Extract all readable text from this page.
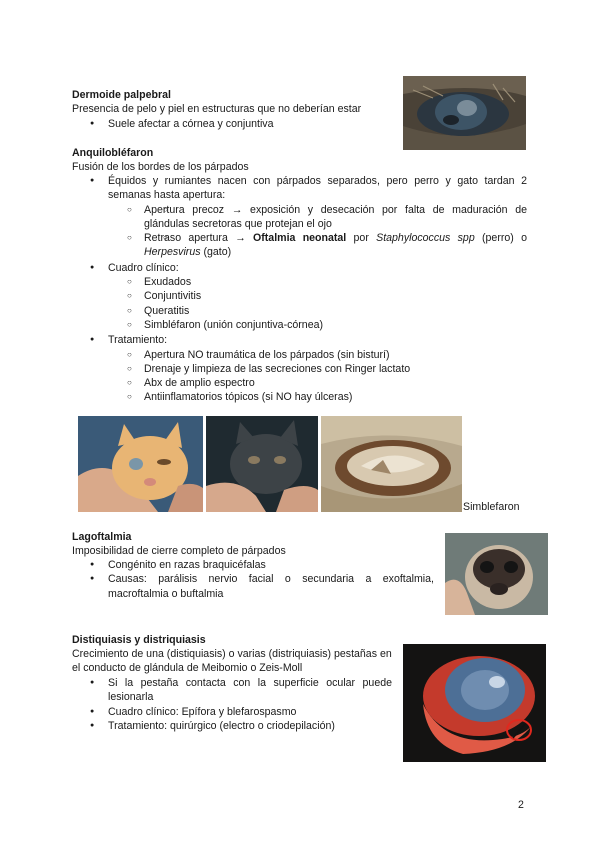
Dermoide palpebral
Presencia de pelo y piel en estructuras que no deberían estar
● Suele afectar a córnea y conjuntiva
Anquilobléfaron
Fusión de los bordes de los párpados
● Équidos y rumiantes nacen con párpados separados, pero perro y gato tardan 2 semanas hasta apertura:
○ ○ Apertura precoz → exposición y desecación por falta de maduración de glándulas secretoras que protejan el ojo
○ ○ Retraso apertura → Oftalmia neonatal por Staphylococcus spp (perro) o Herpesvirus (gato)
● Cuadro clínico:
○ Exudados
○ Conjuntivitis
○ Queratitis
○ Simbléfaron (unión conjuntiva-córnea)
● Tratamiento:
○ Apertura NO traumática de los párpados (sin bisturí)
○ Drenaje y limpieza de las secreciones con Ringer lactato
○ Abx de amplio espectro
○ Antiinflamatorios tópicos (si NO hay úlceras)
Simblefaron
Lagoftalmia
Imposibilidad de cierre completo de párpados
● Congénito en razas braquicéfalas
● Causas: parálisis nervio facial o secundaria a exoftalmia, macroftalmia o buftalmia
Distiquiasis y distriquiasis
Crecimiento de una (distiquiasis) o varias (distriquiasis) pestañas en el conducto de glándula de Meibomio o Zeis-Moll
● Si la pestaña contacta con la superficie ocular puede lesionarla
● Cuadro clínico: Epífora y blefarospasmo
● Tratamiento: quirúrgico (electro o criodepilación)
2
